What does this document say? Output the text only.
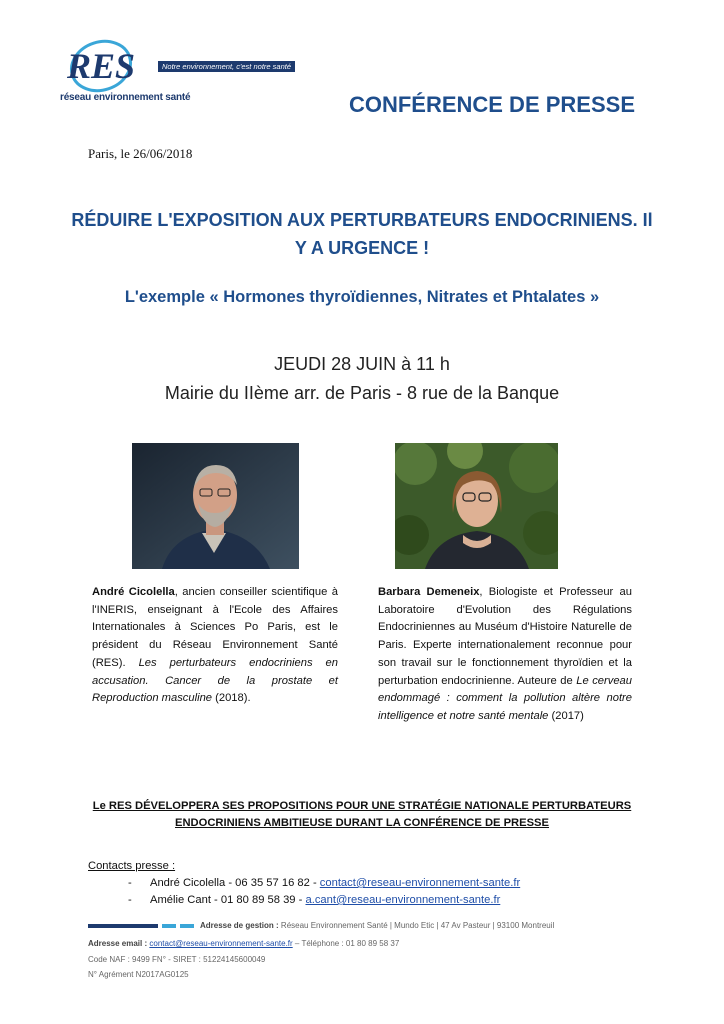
RES
réseau environnement santé
Notre environnement, c'est notre santé
CONFÉRENCE DE PRESSE
Paris, le 26/06/2018
RÉDUIRE L'EXPOSITION AUX PERTURBATEURS ENDOCRINIENS. Il
Y A URGENCE !
L'exemple « Hormones thyroïdiennes, Nitrates et Phtalates »
JEUDI 28 JUIN à 11 h
Mairie du IIème arr. de Paris - 8 rue de la Banque
André Cicolella, ancien conseiller scientifique à l'INERIS, enseignant à l'Ecole des Affaires Internationales à Sciences Po Paris, est le président du Réseau Environnement Santé (RES). Les perturbateurs endocriniens en accusation. Cancer de la prostate et Reproduction masculine (2018).
Barbara Demeneix, Biologiste et Professeur au Laboratoire d'Evolution des Régulations Endocriniennes au Muséum d'Histoire Naturelle de Paris. Experte internationalement reconnue pour son travail sur le fonctionnement thyroïdien et la perturbation endocrinienne. Auteure de Le cerveau endommagé : comment la pollution altère notre intelligence et notre santé mentale (2017)
Le RES DÉVELOPPERA SES PROPOSITIONS POUR UNE STRATÉGIE NATIONALE PERTURBATEURS
ENDOCRINIENS AMBITIEUSE DURANT LA CONFÉRENCE DE PRESSE
Contacts presse :
- André Cicolella - 06 35 57 16 82 - contact@reseau-environnement-sante.fr
- Amélie Cant - 01 80 89 58 39 - a.cant@reseau-environnement-sante.fr
Adresse de gestion : Réseau Environnement Santé | Mundo Etic | 47 Av Pasteur | 93100 Montreuil
Adresse email : contact@reseau-environnement-sante.fr – Téléphone : 01 80 89 58 37
Code NAF : 9499 FN° - SIRET : 51224145600049
N° Agrément N2017AG0125
